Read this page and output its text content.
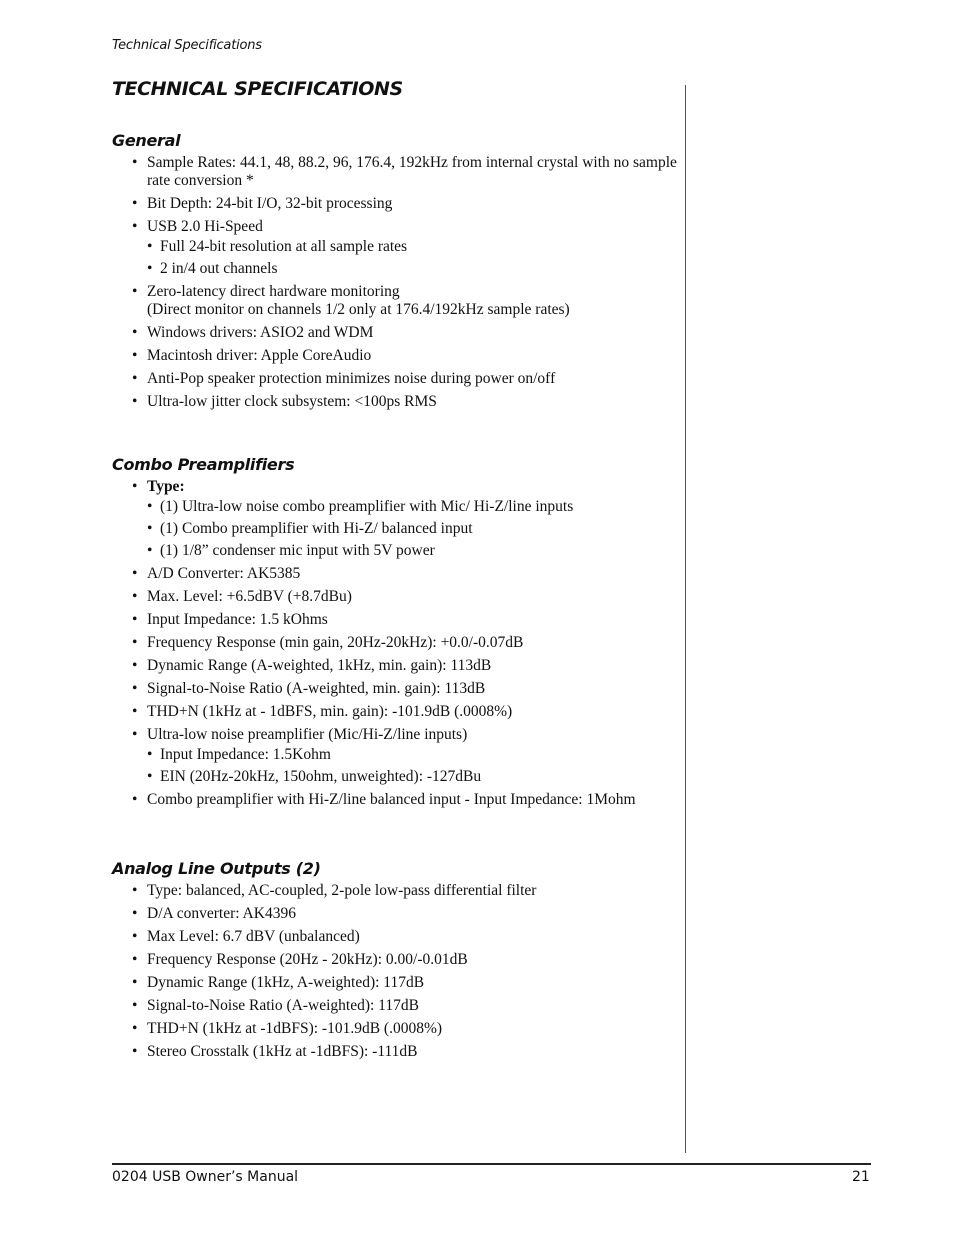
Technical Specifications
TECHNICAL SPECIFICATIONS
General
• Sample Rates: 44.1, 48, 88.2, 96, 176.4, 192kHz from internal crystal with no sample rate conversion *
• Bit Depth: 24-bit I/O, 32-bit processing
• USB 2.0 Hi-Speed
• Full 24-bit resolution at all sample rates
• 2 in/4 out channels
• Zero-latency direct hardware monitoring
(Direct monitor on channels 1/2 only at 176.4/192kHz sample rates)
• Windows drivers: ASIO2 and WDM
• Macintosh driver: Apple CoreAudio
• Anti-Pop speaker protection minimizes noise during power on/off
• Ultra-low jitter clock subsystem: <100ps RMS
Combo Preamplifiers
• Type:
• (1) Ultra-low noise combo preamplifier with Mic/ Hi-Z/line inputs
• (1) Combo preamplifier with Hi-Z/ balanced input
• (1) 1/8” condenser mic input with 5V power
• A/D Converter: AK5385
• Max. Level: +6.5dBV (+8.7dBu)
• Input Impedance: 1.5 kOhms
• Frequency Response (min gain, 20Hz-20kHz): +0.0/-0.07dB
• Dynamic Range (A-weighted, 1kHz, min. gain): 113dB
• Signal-to-Noise Ratio (A-weighted, min. gain): 113dB
• THD+N (1kHz at - 1dBFS, min. gain): -101.9dB (.0008%)
• Ultra-low noise preamplifier (Mic/Hi-Z/line inputs)
• Input Impedance: 1.5Kohm
• EIN (20Hz-20kHz, 150ohm, unweighted): -127dBu
• Combo preamplifier with Hi-Z/line balanced input - Input Impedance: 1Mohm
Analog Line Outputs (2)
• Type: balanced, AC-coupled, 2-pole low-pass differential filter
• D/A converter: AK4396
• Max Level: 6.7 dBV (unbalanced)
• Frequency Response (20Hz - 20kHz): 0.00/-0.01dB
• Dynamic Range (1kHz, A-weighted): 117dB
• Signal-to-Noise Ratio (A-weighted): 117dB
• THD+N (1kHz at -1dBFS): -101.9dB (.0008%)
• Stereo Crosstalk (1kHz at -1dBFS): -111dB
0204 USB Owner’s Manual	21
